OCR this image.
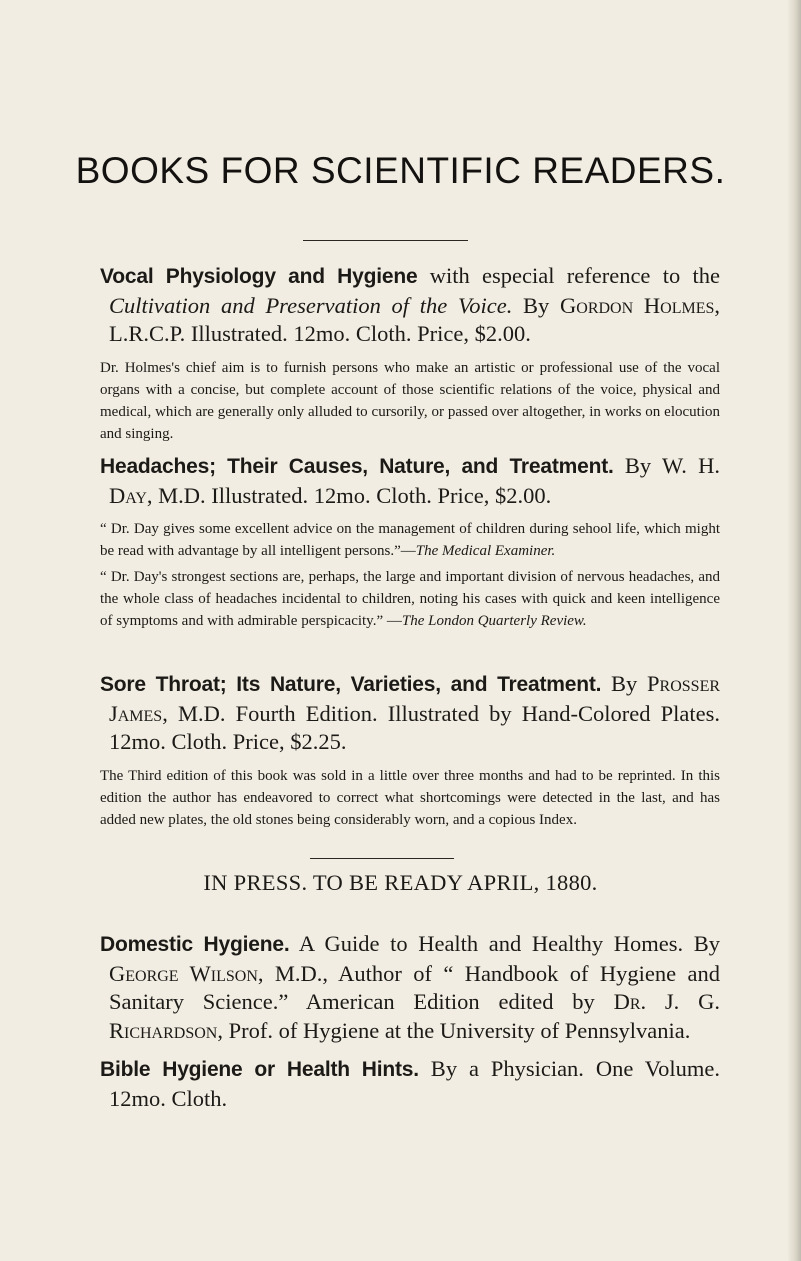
BOOKS FOR SCIENTIFIC READERS.

Vocal Physiology and Hygiene with especial reference to the Cultivation and Preservation of the Voice. By Gordon Holmes, L.R.C.P. Illustrated. 12mo. Cloth. Price, $2.00.

Dr. Holmes's chief aim is to furnish persons who make an artistic or professional use of the vocal organs with a concise, but complete account of those scientific relations of the voice, physical and medical, which are generally only alluded to cursorily, or passed over altogether, in works on elocution and singing.

Headaches; Their Causes, Nature, and Treatment. By W. H. Day, M.D. Illustrated. 12mo. Cloth. Price, $2.00.

“ Dr. Day gives some excellent advice on the management of children during sehool life, which might be read with advantage by all intelligent persons.”—The Medical Examiner.

“ Dr. Day's strongest sections are, perhaps, the large and important division of nervous headaches, and the whole class of headaches incidental to children, noting his cases with quick and keen intelligence of symptoms and with admirable perspicacity.” —The London Quarterly Review.

Sore Throat; Its Nature, Varieties, and Treatment. By Prosser James, M.D. Fourth Edition. Illustrated by Hand-Colored Plates. 12mo. Cloth. Price, $2.25.

The Third edition of this book was sold in a little over three months and had to be reprinted. In this edition the author has endeavored to correct what shortcomings were detected in the last, and has added new plates, the old stones being considerably worn, and a copious Index.

IN PRESS. TO BE READY APRIL, 1880.

Domestic Hygiene. A Guide to Health and Healthy Homes. By George Wilson, M.D., Author of “ Handbook of Hygiene and Sanitary Science.” American Edition edited by Dr. J. G. Richardson, Prof. of Hygiene at the University of Pennsylvania.

Bible Hygiene or Health Hints. By a Physician. One Volume. 12mo. Cloth.
